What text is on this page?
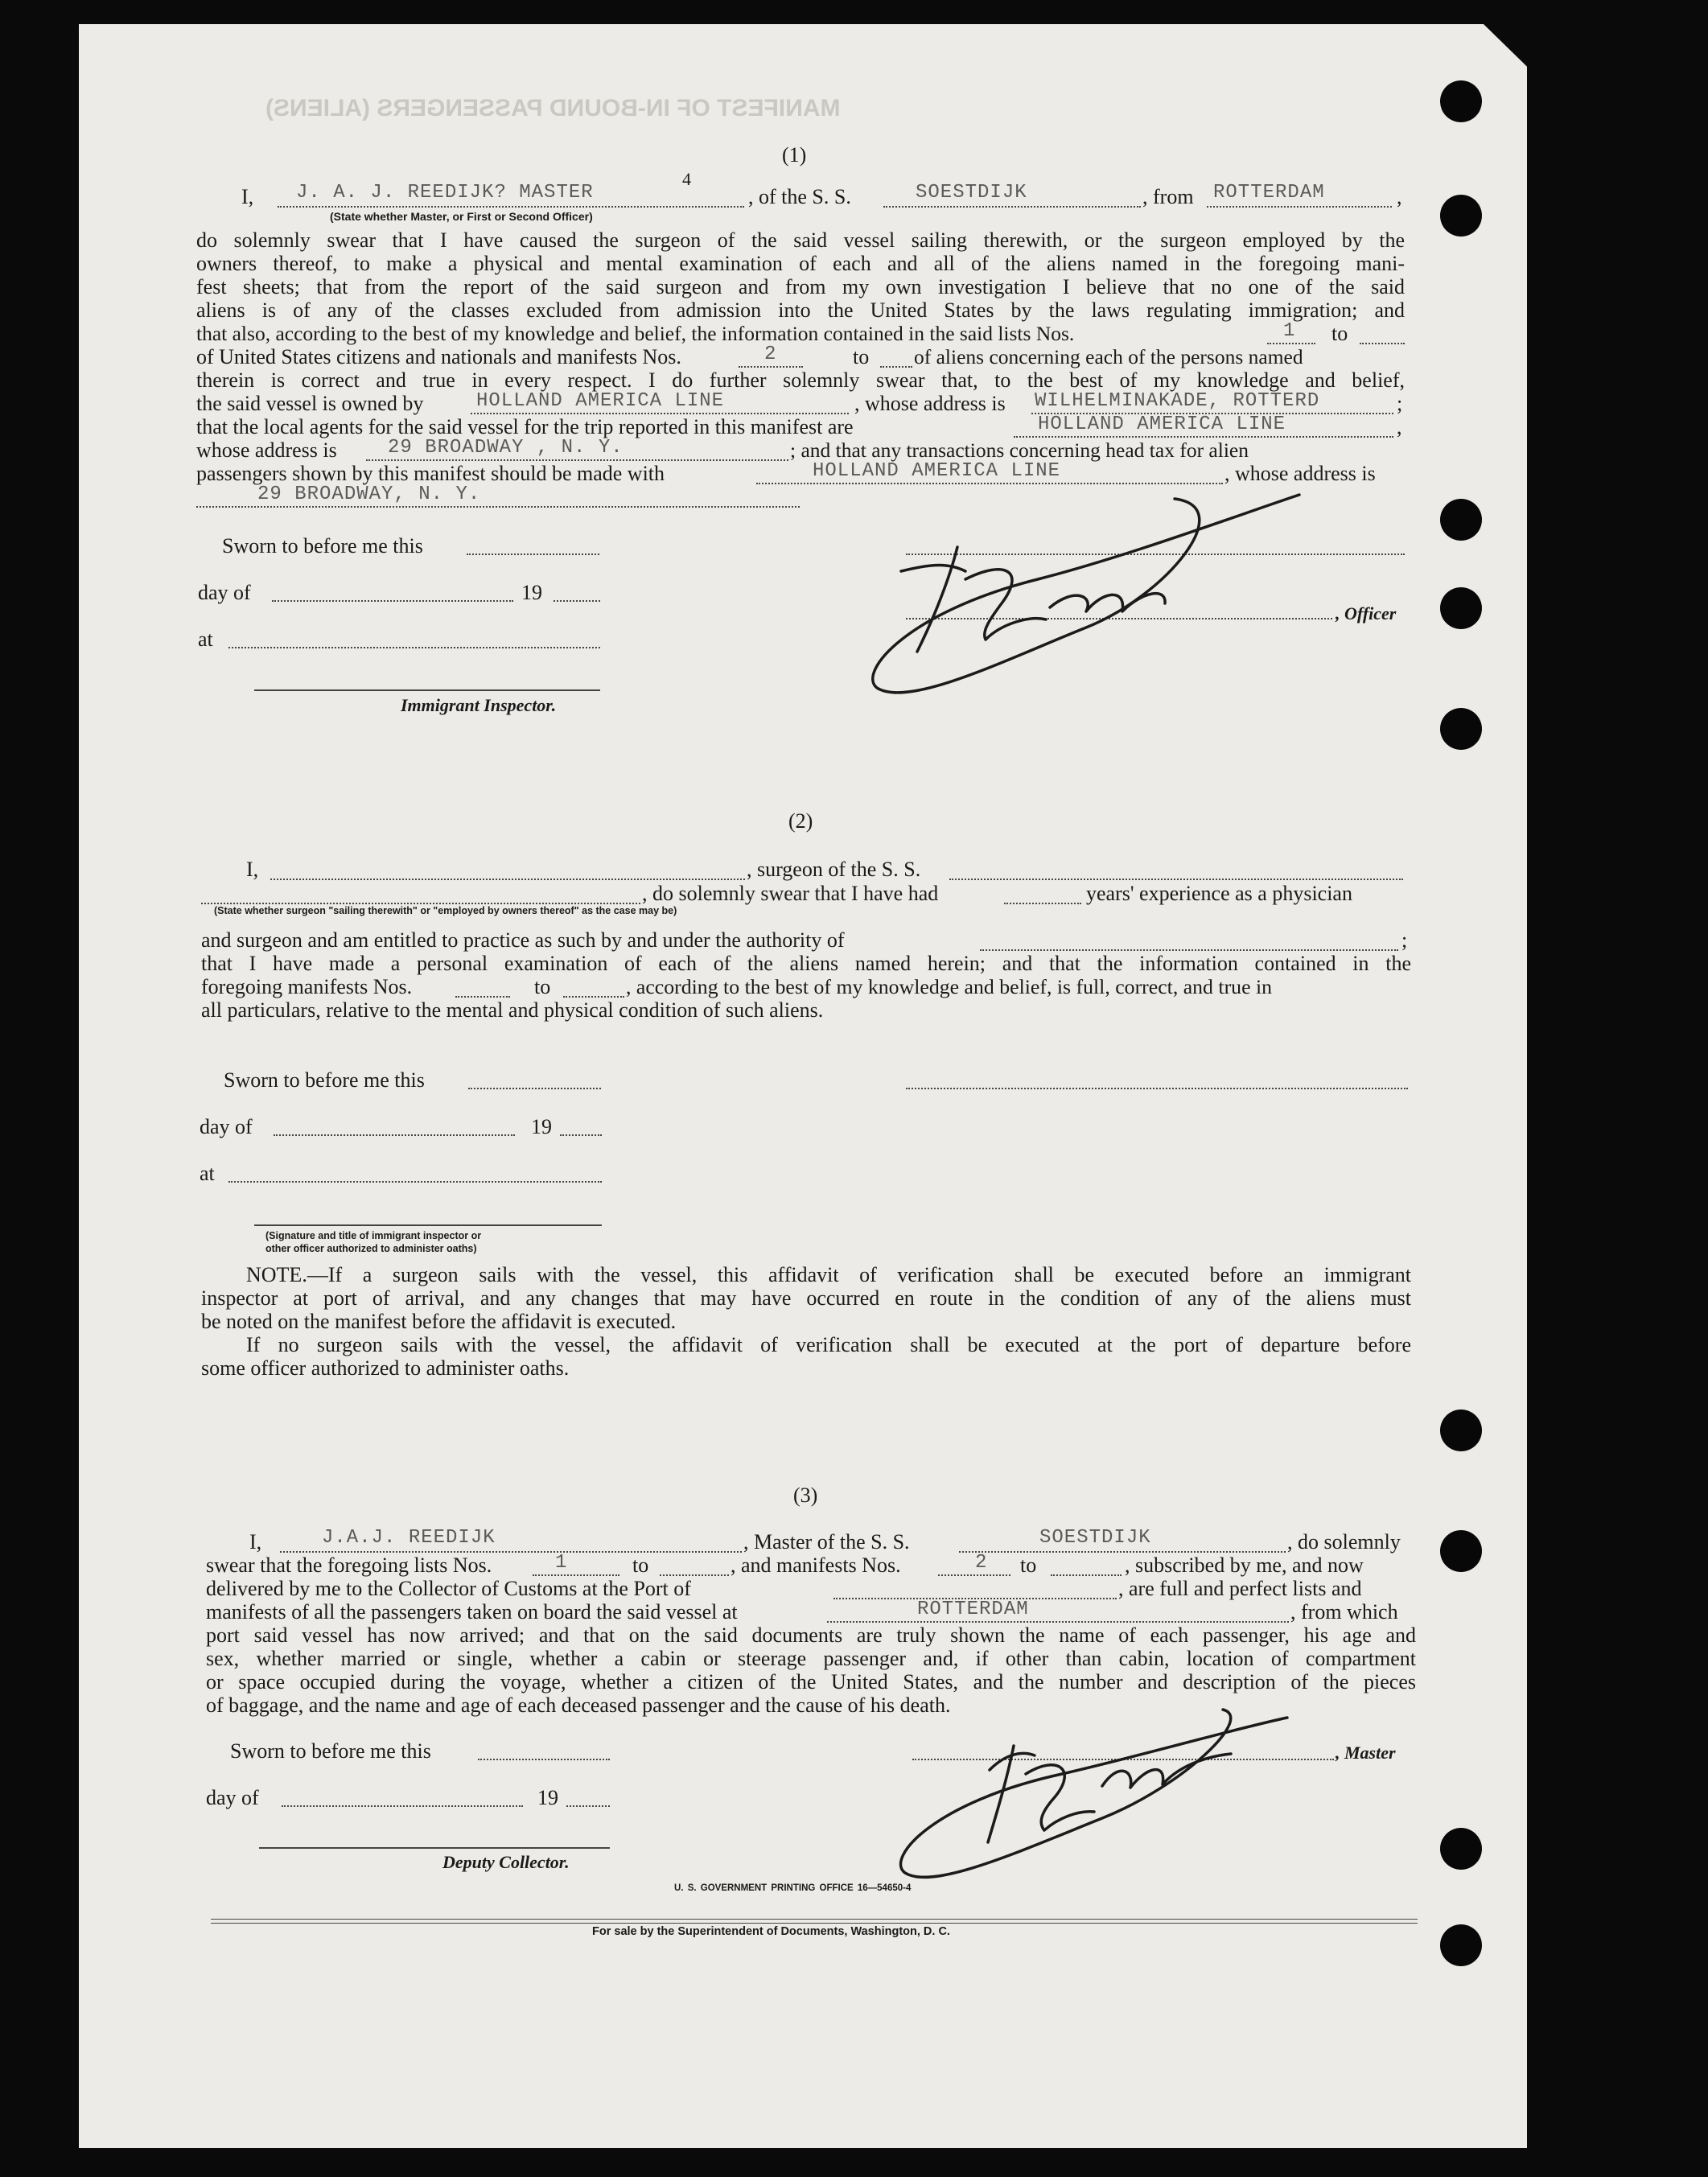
MANIFEST OF IN-BOUND PASSENGERS (ALIENS)
(1)
I, J. A. J. REEDIJK? MASTER
4
, of the S. S.	SOESTDIJK	, from ROTTERDAM	,
(State whether Master, or First or Second Officer)
do solemnly swear that I have caused the surgeon of the said vessel sailing therewith, or the surgeon employed by the
owners thereof, to make a physical and mental examination of each and all of the aliens named in the foregoing mani-
fest sheets; that from the report of the said surgeon and from my own investigation I believe that no one of the said
aliens is of any of the classes excluded from admission into the United States by the laws regulating immigration; and
that also, according to the best of my knowledge and belief, the information contained in the said lists Nos.	1 to
of United States citizens and nationals and manifests Nos.	2	to of aliens concerning each of the persons named
therein is correct and true in every respect. I do further solemnly swear that, to the best of my knowledge and belief,
the said vessel is owned by	HOLLAND AMERICA LINE	, whose address is WILHELMINAKADE, ROTTERD	;
that the local agents for the said vessel for the trip reported in this manifest are	HOLLAND AMERICA LINE	,
whose address is	29 BROADWAY , N. Y.	; and that any transactions concerning head tax for alien
passengers shown by this manifest should be made with	HOLLAND AMERICA LINE	, whose address is
29 BROADWAY, N. Y.
Sworn to before me this
day of	19
at
Immigrant Inspector.
, Officer
(2)
I,	, surgeon of the S. S.
, do solemnly swear that I have had	years' experience as a physician
(State whether surgeon "sailing therewith" or "employed by owners thereof" as the case may be)
and surgeon and am entitled to practice as such by and under the authority of	;
that I have made a personal examination of each of the aliens named herein; and that the information contained in the
foregoing manifests Nos.	to	, according to the best of my knowledge and belief, is full, correct, and true in
all particulars, relative to the mental and physical condition of such aliens.
Sworn to before me this
day of	19
at
(Signature and title of immigrant inspector or
other officer authorized to administer oaths)
NOTE.—If a surgeon sails with the vessel, this affidavit of verification shall be executed before an immigrant
inspector at port of arrival, and any changes that may have occurred en route in the condition of any of the aliens must
be noted on the manifest before the affidavit is executed.
If no surgeon sails with the vessel, the affidavit of verification shall be executed at the port of departure before
some officer authorized to administer oaths.
(3)
I,	J.A.J. REEDIJK	, Master of the S. S.	SOESTDIJK	, do solemnly
swear that the foregoing lists Nos.	1	to	, and manifests Nos.	2 to	, subscribed by me, and now
delivered by me to the Collector of Customs at the Port of	, are full and perfect lists and
manifests of all the passengers taken on board the said vessel at	ROTTERDAM	, from which
port said vessel has now arrived; and that on the said documents are truly shown the name of each passenger, his age and
sex, whether married or single, whether a cabin or steerage passenger and, if other than cabin, location of compartment
or space occupied during the voyage, whether a citizen of the United States, and the number and description of the pieces
of baggage, and the name and age of each deceased passenger and the cause of his death.
Sworn to before me this
day of	19
Deputy Collector.
, Master
U. S. GOVERNMENT PRINTING OFFICE 16—54650-4
For sale by the Superintendent of Documents, Washington, D. C.
